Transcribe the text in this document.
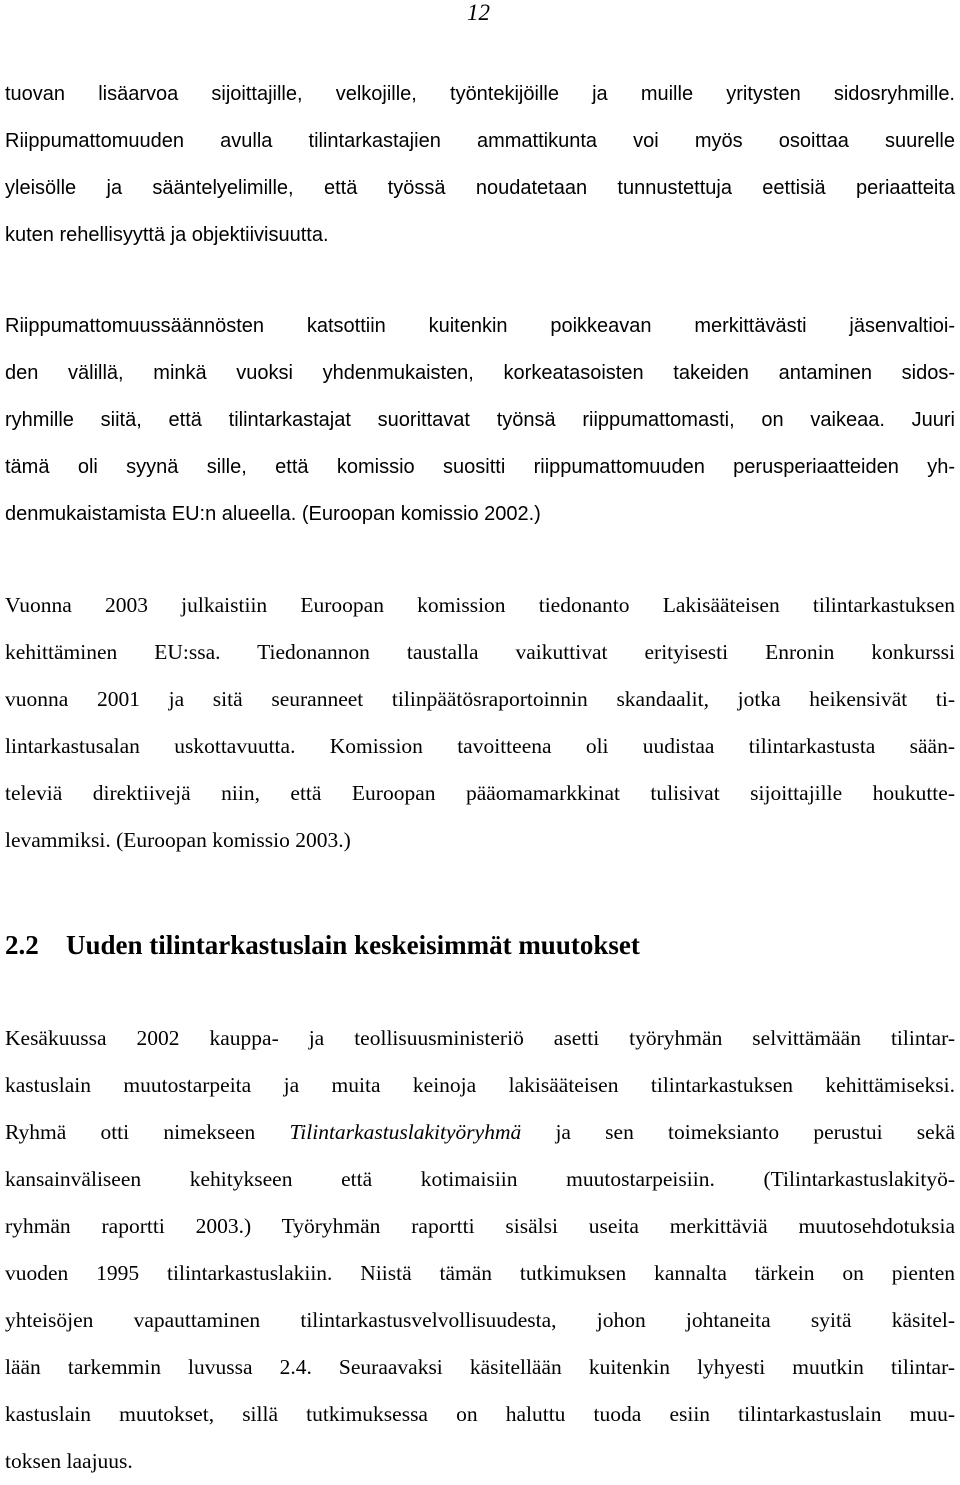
12
tuovan lisäarvoa sijoittajille, velkojille, työntekijöille ja muille yritysten sidosryhmille.
Riippumattomuuden avulla tilintarkastajien ammattikunta voi myös osoittaa suurelle
yleisölle ja sääntelyelimille, että työssä noudatetaan tunnustettuja eettisiä periaatteita
kuten rehellisyyttä ja objektiivisuutta.
Riippumattomuussäännösten katsottiin kuitenkin poikkeavan merkittävästi jäsenvaltioi-
den välillä, minkä vuoksi yhdenmukaisten, korkeatasoisten takeiden antaminen sidos-
ryhmille siitä, että tilintarkastajat suorittavat työnsä riippumattomasti, on vaikeaa. Juuri
tämä oli syynä sille, että komissio suositti riippumattomuuden perusperiaatteiden yh-
denmukaistamista EU:n alueella. (Euroopan komissio 2002.)
Vuonna 2003 julkaistiin Euroopan komission tiedonanto Lakisääteisen tilintarkastuksen
kehittäminen EU:ssa. Tiedonannon taustalla vaikuttivat erityisesti Enronin konkurssi
vuonna 2001 ja sitä seuranneet tilinpäätösraportoinnin skandaalit, jotka heikensivät ti-
lintarkastusalan uskottavuutta. Komission tavoitteena oli uudistaa tilintarkastusta sään-
televiä direktiivejä niin, että Euroopan pääomamarkkinat tulisivat sijoittajille houkutte-
levammiksi. (Euroopan komissio 2003.)
2.2 Uuden tilintarkastuslain keskeisimmät muutokset
Kesäkuussa 2002 kauppa- ja teollisuusministeriö asetti työryhmän selvittämään tilintar-
kastuslain muutostarpeita ja muita keinoja lakisääteisen tilintarkastuksen kehittämiseksi.
Ryhmä otti nimekseen Tilintarkastuslakityöryhmä ja sen toimeksianto perustui sekä
kansainväliseen kehitykseen että kotimaisiin muutostarpeisiin. (Tilintarkastuslakityö-
ryhmän raportti 2003.) Työryhmän raportti sisälsi useita merkittäviä muutosehdotuksia
vuoden 1995 tilintarkastuslakiin. Niistä tämän tutkimuksen kannalta tärkein on pienten
yhteisöjen vapauttaminen tilintarkastusvelvollisuudesta, johon johtaneita syitä käsitel-
lään tarkemmin luvussa 2.4. Seuraavaksi käsitellään kuitenkin lyhyesti muutkin tilintar-
kastuslain muutokset, sillä tutkimuksessa on haluttu tuoda esiin tilintarkastuslain muu-
toksen laajuus.
